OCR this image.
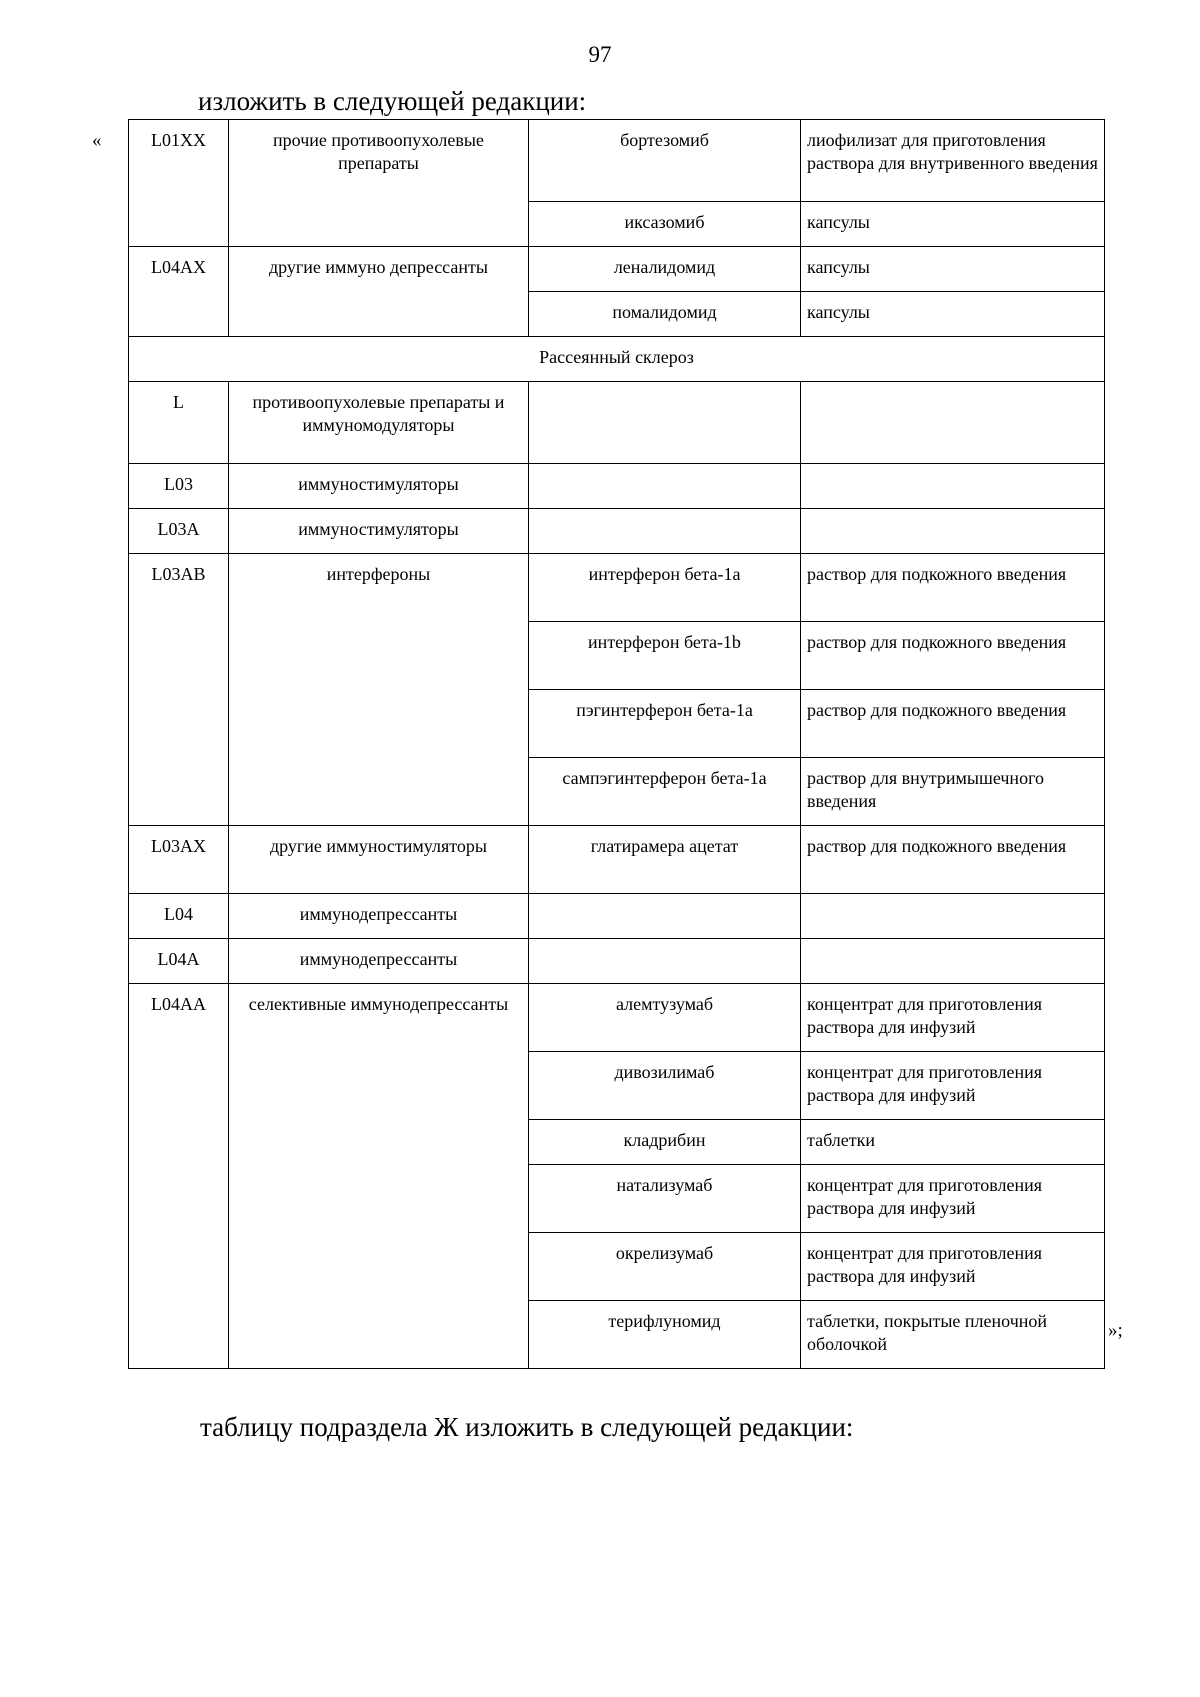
97
изложить в следующей редакции:
«	L01XX	прочие противоопухолевые препараты	бортезомиб	лиофилизат для приготовления раствора для внутривенного введения
		иксазомиб	капсулы
L04AX	другие иммуно депрессанты	леналидомид	капсулы
		помалидомид	капсулы
Рассеянный склероз			
L	противоопухолевые препараты и иммуномодуляторы		
L03	иммуностимуляторы		
L03A	иммуностимуляторы		
L03AB	интерфероны	интерферон бета-1a	раствор для подкожного введения
		интерферон бета-1b	раствор для подкожного введения
		пэгинтерферон бета-1a	раствор для подкожного введения
		сампэгинтерферон бета-1a	раствор для внутримышечного введения
L03AX	другие иммуностимуляторы	глатирамера ацетат	раствор для подкожного введения
L04	иммунодепрессанты		
L04A	иммунодепрессанты		
L04AA	селективные иммунодепрессанты	алемтузумаб	концентрат для приготовления раствора для инфузий
		дивозилимаб	концентрат для приготовления раствора для инфузий
		кладрибин	таблетки
		натализумаб	концентрат для приготовления раствора для инфузий
		окрелизумаб	концентрат для приготовления раствора для инфузий
		терифлуномид	таблетки, покрытые пленочной оболочкой
»;
таблицу подраздела Ж изложить в следующей редакции:
